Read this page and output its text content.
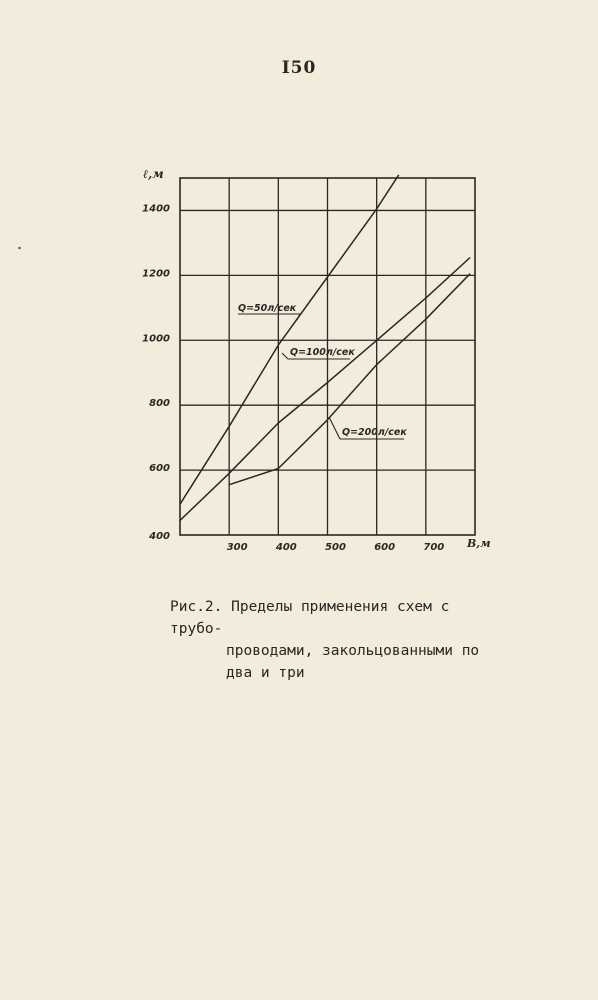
I50
300	400	500	600	700
400
600
800
1000
1200
1400
Q=50л/сек
Q=100л/сек
Q=200л/сек
ℓ,м
B,м
Рис.2. Пределы применения схем с трубо-

проводами, закольцованными по
два и три
